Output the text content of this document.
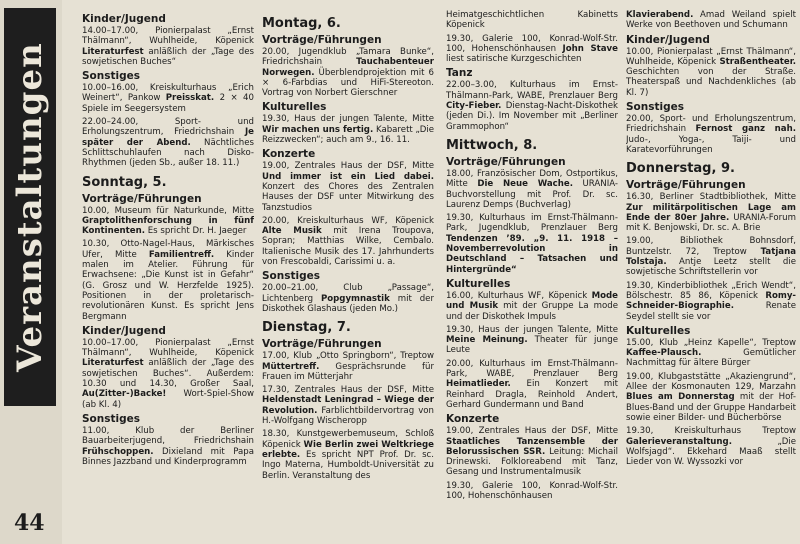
Veranstaltungen
44
Kinder/Jugend
14.00–17.00, Pionierpalast „Ernst Thälmann“, Wuhlheide, Köpenick Literaturfest anläßlich der „Tage des sowjetischen Buches“
Sonstiges
10.00–16.00, Kreiskulturhaus „Erich Weinert“, Pankow Preisskat. 2 × 40 Spiele im Seegersystem
22.00–24.00, Sport- und Erholungszentrum, Friedrichshain Je später der Abend. Nächtliches Schlittschuhlaufen nach Disko-Rhythmen (jeden Sb., außer 18. 11.)
Sonntag, 5.
Vorträge/Führungen
10.00, Museum für Naturkunde, Mitte Graptolithenforschung in fünf Kontinenten. Es spricht Dr. H. Jaeger
10.30, Otto-Nagel-Haus, Märkisches Ufer, Mitte Familientreff. Kinder malen im Atelier. Führung für Erwachsene: „Die Kunst ist in Gefahr“ (G. Grosz und W. Herzfelde 1925). Positionen in der proletarisch-revolutionären Kunst. Es spricht Jens Bergmann
Kinder/Jugend
10.00–17.00, Pionierpalast „Ernst Thälmann“, Wuhlheide, Köpenick Literaturfest anläßlich der „Tage des sowjetischen Buches“. Außerdem: 10.30 und 14.30, Großer Saal, Au(Zitter-)Backe! Wort-Spiel-Show (ab Kl. 4)
Sonstiges
11.00, Klub der Berliner Bauarbeiterjugend, Friedrichshain Frühschoppen. Dixieland mit Papa Binnes Jazzband und Kinderprogramm
Montag, 6.
Vorträge/Führungen
20.00, Jugendklub „Tamara Bunke“, Friedrichshain Tauchabenteuer Norwegen. Überblendprojektion mit 6 × 6-Farbdias und HiFi-Stereoton. Vortrag von Norbert Gierschner
Kulturelles
19.30, Haus der jungen Talente, Mitte Wir machen uns fertig. Kabarett „Die Reizzwecken“; auch am 9., 16. 11.
Konzerte
19.00, Zentrales Haus der DSF, Mitte Und immer ist ein Lied dabei. Konzert des Chores des Zentralen Hauses der DSF unter Mitwirkung des Tanzstudios
20.00, Kreiskulturhaus WF, Köpenick Alte Musik mit Irena Troupova, Sopran; Matthias Wilke, Cembalo. Italienische Musik des 17. Jahrhunderts von Frescobaldi, Carissimi u. a.
Sonstiges
20.00–21.00, Club „Passage“, Lichtenberg Popgymnastik mit der Diskothek Glashaus (jeden Mo.)
Dienstag, 7.
Vorträge/Führungen
17.00, Klub „Otto Springborn“, Treptow Müttertreff. Gesprächsrunde für Frauen im Mütterjahr
17.30, Zentrales Haus der DSF, Mitte Heldenstadt Leningrad – Wiege der Revolution. Farblichtbildervortrag von H.-Wolfgang Wischeropp
18.30, Kunstgewerbemuseum, Schloß Köpenick Wie Berlin zwei Weltkriege erlebte. Es spricht NPT Prof. Dr. sc. Ingo Materna, Humboldt-Universität zu Berlin. Veranstaltung des
Heimatgeschichtlichen Kabinetts Köpenick
19.30, Galerie 100, Konrad-Wolf-Str. 100, Hohenschönhausen John Stave liest satirische Kurzgeschichten
Tanz
22.00–3.00, Kulturhaus im Ernst-Thälmann-Park, WABE, Prenzlauer Berg City-Fieber. Dienstag-Nacht-Diskothek (jeden Di.). Im November mit „Berliner Grammophon“
Mittwoch, 8.
Vorträge/Führungen
18.00, Französischer Dom, Ostportikus, Mitte Die Neue Wache. URANIA-Buchvorstellung mit Prof. Dr. sc. Laurenz Demps (Buchverlag)
19.30, Kulturhaus im Ernst-Thälmann-Park, Jugendklub, Prenzlauer Berg Tendenzen ’89. „9. 11. 1918 – Novemberrevolution in Deutschland – Tatsachen und Hintergründe“
Kulturelles
16.00, Kulturhaus WF, Köpenick Mode und Musik mit der Gruppe La mode und der Diskothek Impuls
19.30, Haus der jungen Talente, Mitte Meine Meinung. Theater für junge Leute
20.00, Kulturhaus im Ernst-Thälmann-Park, WABE, Prenzlauer Berg Heimatlieder. Ein Konzert mit Reinhard Dragla, Reinhold Andert, Gerhard Gundermann und Band
Konzerte
19.00, Zentrales Haus der DSF, Mitte Staatliches Tanzensemble der Belorussischen SSR. Leitung: Michail Drinewski. Folkloreabend mit Tanz, Gesang und Instrumentalmusik
19.30, Galerie 100, Konrad-Wolf-Str. 100, Hohenschönhausen
Klavierabend. Amad Weiland spielt Werke von Beethoven und Schumann
Kinder/Jugend
10.00, Pionierpalast „Ernst Thälmann“, Wuhlheide, Köpenick Straßentheater. Geschichten von der Straße. Theaterspaß und Nachdenkliches (ab Kl. 7)
Sonstiges
20.00, Sport- und Erholungszentrum, Friedrichshain Fernost ganz nah. Judo-, Yoga-, Taiji- und Karatevorführungen
Donnerstag, 9.
Vorträge/Führungen
16.30, Berliner Stadtbibliothek, Mitte Zur militärpolitischen Lage am Ende der 80er Jahre. URANIA-Forum mit K. Benjowski, Dr. sc. A. Brie
19.00, Bibliothek Bohnsdorf, Buntzelstr. 72, Treptow Tatjana Tolstaja. Antje Leetz stellt die sowjetische Schriftstellerin vor
19.30, Kinderbibliothek „Erich Wendt“, Bölschestr. 85 86, Köpenick Romy-Schneider-Biographie. Renate Seydel stellt sie vor
Kulturelles
15.00, Klub „Heinz Kapelle“, Treptow Kaffee-Plausch. Gemütlicher Nachmittag für ältere Bürger
19.00, Klubgaststätte „Akaziengrund“, Allee der Kosmonauten 129, Marzahn Blues am Donnerstag mit der Hof-Blues-Band und der Gruppe Handarbeit sowie einer Bilder- und Bücherbörse
19.30, Kreiskulturhaus Treptow Galerieveranstaltung. „Die Wolfsjagd“. Ekkehard Maaß stellt Lieder von W. Wyssozki vor
